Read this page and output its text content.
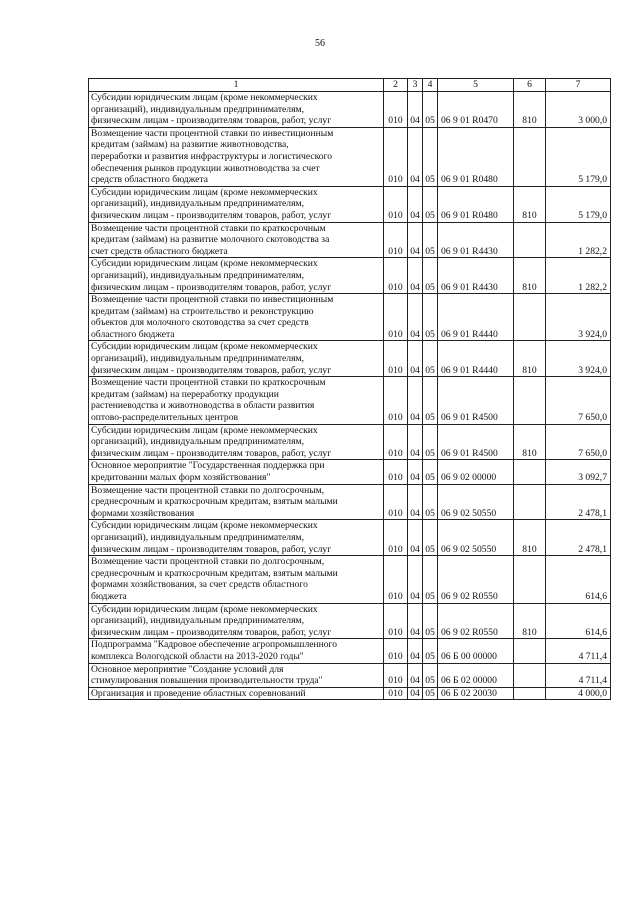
56
1	2	3	4	5	6	7

Субсидии юридическим лицам (кроме некоммерческих
организаций), индивидуальным предпринимателям,
физическим лицам - производителям товаров, работ, услуг	010	04	05	06 9 01 R0470	810	3 000,0

Возмещение части процентной ставки по инвестиционным
кредитам (займам) на развитие животноводства,
переработки и развития инфраструктуры и логистического
обеспечения рынков продукции животноводства за счет
средств областного бюджета	010	04	05	06 9 01 R0480		5 179,0

Субсидии юридическим лицам (кроме некоммерческих
организаций), индивидуальным предпринимателям,
физическим лицам - производителям товаров, работ, услуг	010	04	05	06 9 01 R0480	810	5 179,0

Возмещение части процентной ставки по краткосрочным
кредитам (займам) на развитие молочного скотоводства за
счет средств областного бюджета	010	04	05	06 9 01 R4430		1 282,2

Субсидии юридическим лицам (кроме некоммерческих
организаций), индивидуальным предпринимателям,
физическим лицам - производителям товаров, работ, услуг	010	04	05	06 9 01 R4430	810	1 282,2

Возмещение части процентной ставки по инвестиционным
кредитам (займам) на строительство и реконструкцию
объектов для молочного скотоводства за счет средств
областного бюджета	010	04	05	06 9 01 R4440		3 924,0

Субсидии юридическим лицам (кроме некоммерческих
организаций), индивидуальным предпринимателям,
физическим лицам - производителям товаров, работ, услуг	010	04	05	06 9 01 R4440	810	3 924,0

Возмещение части процентной ставки по краткосрочным
кредитам (займам) на переработку продукции
растениеводства и животноводства в области развития
оптово-распределительных центров	010	04	05	06 9 01 R4500		7 650,0

Субсидии юридическим лицам (кроме некоммерческих
организаций), индивидуальным предпринимателям,
физическим лицам - производителям товаров, работ, услуг	010	04	05	06 9 01 R4500	810	7 650,0

Основное мероприятие "Государственная поддержка при
кредитовании малых форм хозяйствования"	010	04	05	06 9 02 00000		3 092,7

Возмещение части процентной ставки по долгосрочным,
среднесрочным и краткосрочным кредитам, взятым малыми
формами хозяйствования	010	04	05	06 9 02 50550		2 478,1

Субсидии юридическим лицам (кроме некоммерческих
организаций), индивидуальным предпринимателям,
физическим лицам - производителям товаров, работ, услуг	010	04	05	06 9 02 50550	810	2 478,1

Возмещение части процентной ставки по долгосрочным,
среднесрочным и краткосрочным кредитам, взятым малыми
формами хозяйствования, за счет средств областного
бюджета	010	04	05	06 9 02 R0550		614,6

Субсидии юридическим лицам (кроме некоммерческих
организаций), индивидуальным предпринимателям,
физическим лицам - производителям товаров, работ, услуг	010	04	05	06 9 02 R0550	810	614,6

Подпрограмма "Кадровое обеспечение агропромышленного
комплекса Вологодской области на 2013-2020 годы"	010	04	05	06 Б 00 00000		4 711,4

Основное мероприятие "Создание условий для
стимулирования повышения производительности труда"	010	04	05	06 Б 02 00000		4 711,4

Организация и проведение областных соревнований	010	04	05	06 Б 02 20030		4 000,0
